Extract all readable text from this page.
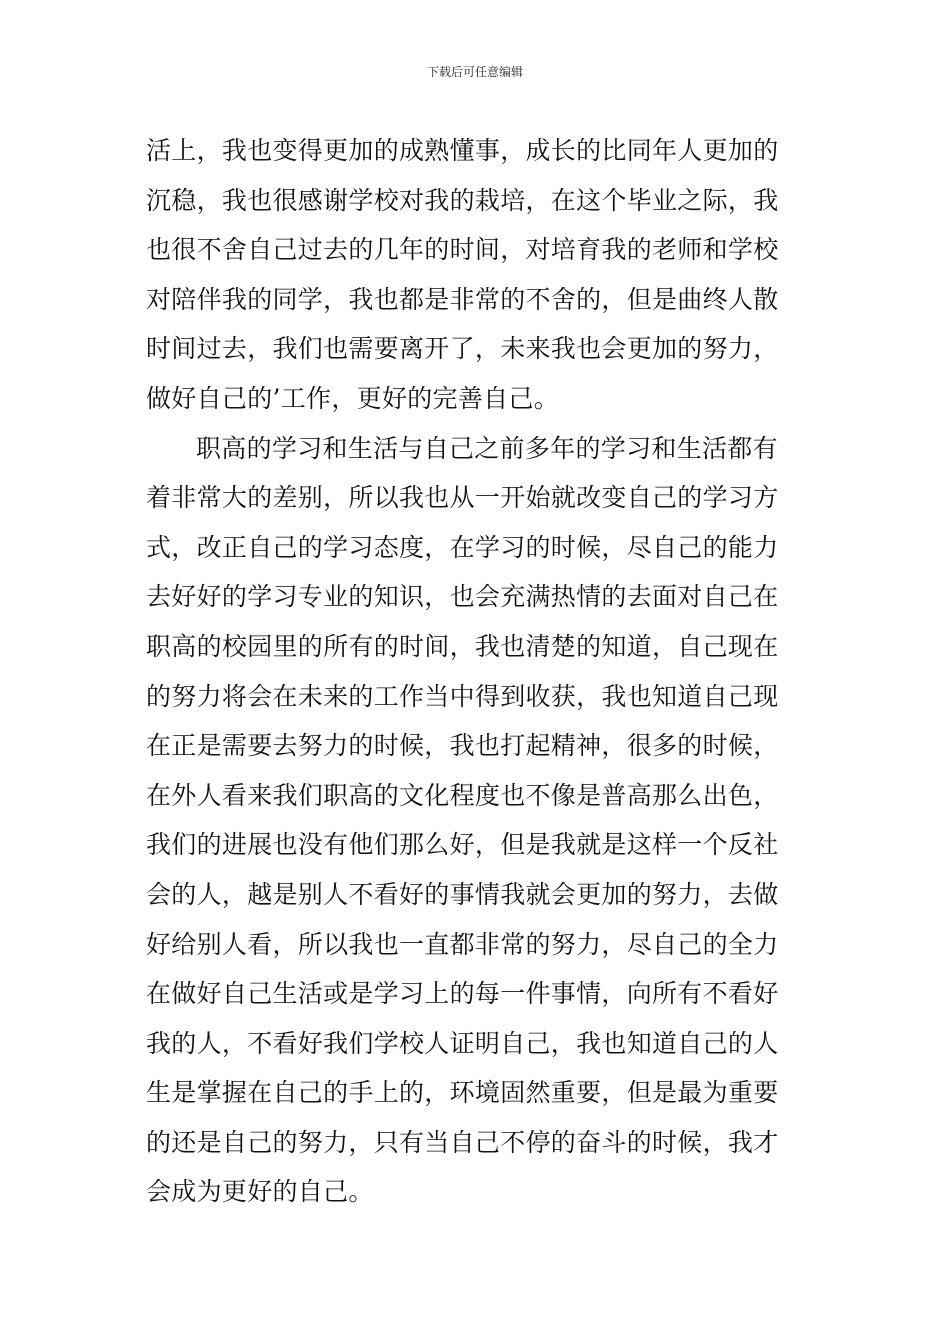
下载后可任意编辑
活上，我也变得更加的成熟懂事，成长的比同年人更加的
沉稳，我也很感谢学校对我的栽培，在这个毕业之际，我
也很不舍自己过去的几年的时间，对培育我的老师和学校
对陪伴我的同学，我也都是非常的不舍的，但是曲终人散
时间过去，我们也需要离开了，未来我也会更加的努力，
做好自己的’工作，更好的完善自己。
职高的学习和生活与自己之前多年的学习和生活都有
着非常大的差别，所以我也从一开始就改变自己的学习方
式，改正自己的学习态度，在学习的时候，尽自己的能力
去好好的学习专业的知识，也会充满热情的去面对自己在
职高的校园里的所有的时间，我也清楚的知道，自己现在
的努力将会在未来的工作当中得到收获，我也知道自己现
在正是需要去努力的时候，我也打起精神，很多的时候，
在外人看来我们职高的文化程度也不像是普高那么出色，
我们的进展也没有他们那么好，但是我就是这样一个反社
会的人，越是别人不看好的事情我就会更加的努力，去做
好给别人看，所以我也一直都非常的努力，尽自己的全力
在做好自己生活或是学习上的每一件事情，向所有不看好
我的人，不看好我们学校人证明自己，我也知道自己的人
生是掌握在自己的手上的，环境固然重要，但是最为重要
的还是自己的努力，只有当自己不停的奋斗的时候，我才
会成为更好的自己。
